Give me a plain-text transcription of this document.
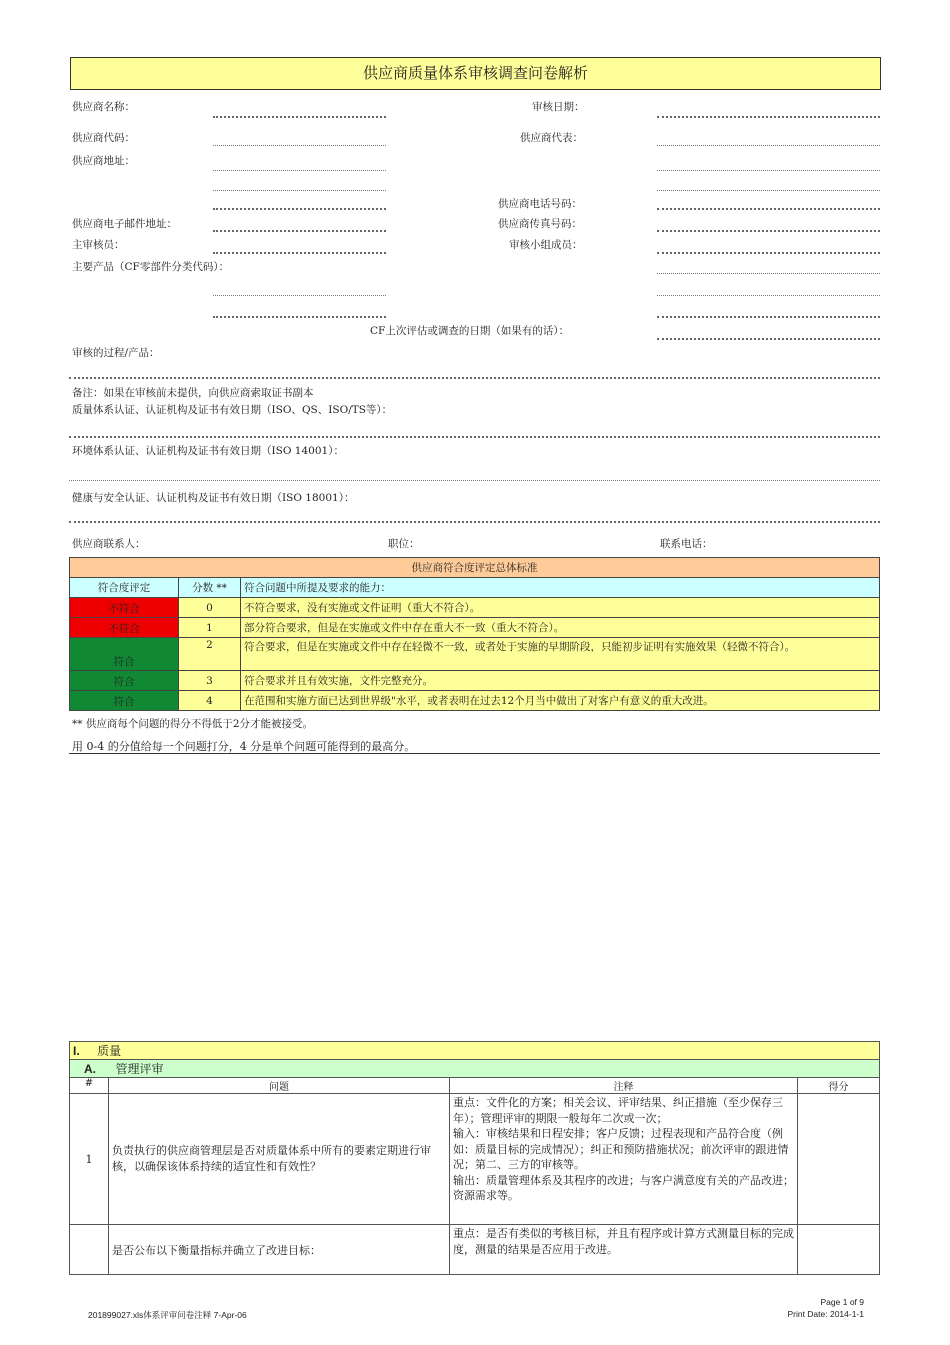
供应商质量体系审核调查问卷解析
供应商名称：	审核日期：
供应商代码：	供应商代表：
供应商地址：
供应商电话号码：
供应商电子邮件地址：	供应商传真号码：
主审核员：	审核小组成员：
主要产品（CF零部件分类代码）：
CF上次评估或调查的日期（如果有的话）：
审核的过程/产品：
备注：如果在审核前未提供，向供应商索取证书副本
质量体系认证、认证机构及证书有效日期（ISO、QS、ISO/TS等）：
环境体系认证、认证机构及证书有效日期（ISO 14001）：
健康与安全认证、认证机构及证书有效日期（ISO 18001）：
供应商联系人：	职位：	联系电话：
供应商符合度评定总体标准		
符合度评定	分数 **	符合问题中所提及要求的能力：
不符合	0	不符合要求，没有实施或文件证明（重大不符合）。
不符合	1	部分符合要求，但是在实施或文件中存在重大不一致（重大不符合）。
符合	2	符合要求，但是在实施或文件中存在轻微不一致，或者处于实施的早期阶段，只能初步证明有实施效果（轻微不符合）。
符合	3	符合要求并且有效实施，文件完整充分。
符合	4	在范围和实施方面已达到世界级"水平，或者表明在过去12个月当中做出了对客户有意义的重大改进。
** 供应商每个问题的得分不得低于2分才能被接受。
用 0-4 的分值给每一个问题打分，4 分是单个问题可能得到的最高分。
I. 质量			
A. 管理评审			
#	问题	注释	得分
1	负责执行的供应商管理层是否对质量体系中所有的要素定期进行审核，以确保该体系持续的适宜性和有效性？	重点：文件化的方案；相关会议、评审结果、纠正措施（至少保存三年）；管理评审的期限一般每年二次或一次；
输入：审核结果和日程安排；客户反馈；过程表现和产品符合度（例如：质量目标的完成情况）；纠正和预防措施状况；前次评审的跟进情况；第二、三方的审核等。
输出：质量管理体系及其程序的改进；与客户满意度有关的产品改进；资源需求等。	
	是否公布以下衡量指标并确立了改进目标：	重点：是否有类似的考核目标，并且有程序或计算方式测量目标的完成度，测量的结果是否应用于改进。	
Page 1 of 9
201899027.xls体系评审问卷注释 7-Apr-06	Print Date: 2014-1-1
